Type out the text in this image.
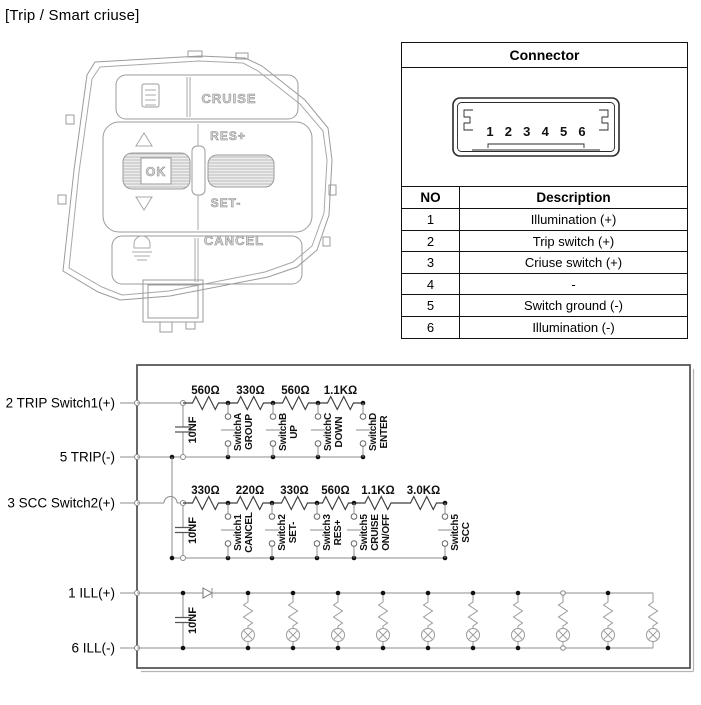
[Trip / Smart criuse]
CRUISE
RES+
OK
SET-
CANCEL
Connector
1 2 3 4 5 6
NO	Description
1	Illumination (+)
2	Trip switch (+)
3	Criuse switch (+)
4	-
5	Switch ground (-)
6	Illumination (-)
2 TRIP Switch1(+)
5 TRIP(-)
10NF
560Ω 330Ω 560Ω 1.1KΩ
SwitchA GROUP SwitchB UP SwitchC DOWN SwitchD ENTER
3 SCC Switch2(+)
10NF
330Ω 220Ω 330Ω 560Ω 1.1KΩ 3.0KΩ
Switch1 CANCEL Switch2 SET- Switch3 RES+ Switch5 CRUISE ON/OFF	Switch5 SCC
1 ILL(+)
6 ILL(-)
10NF
